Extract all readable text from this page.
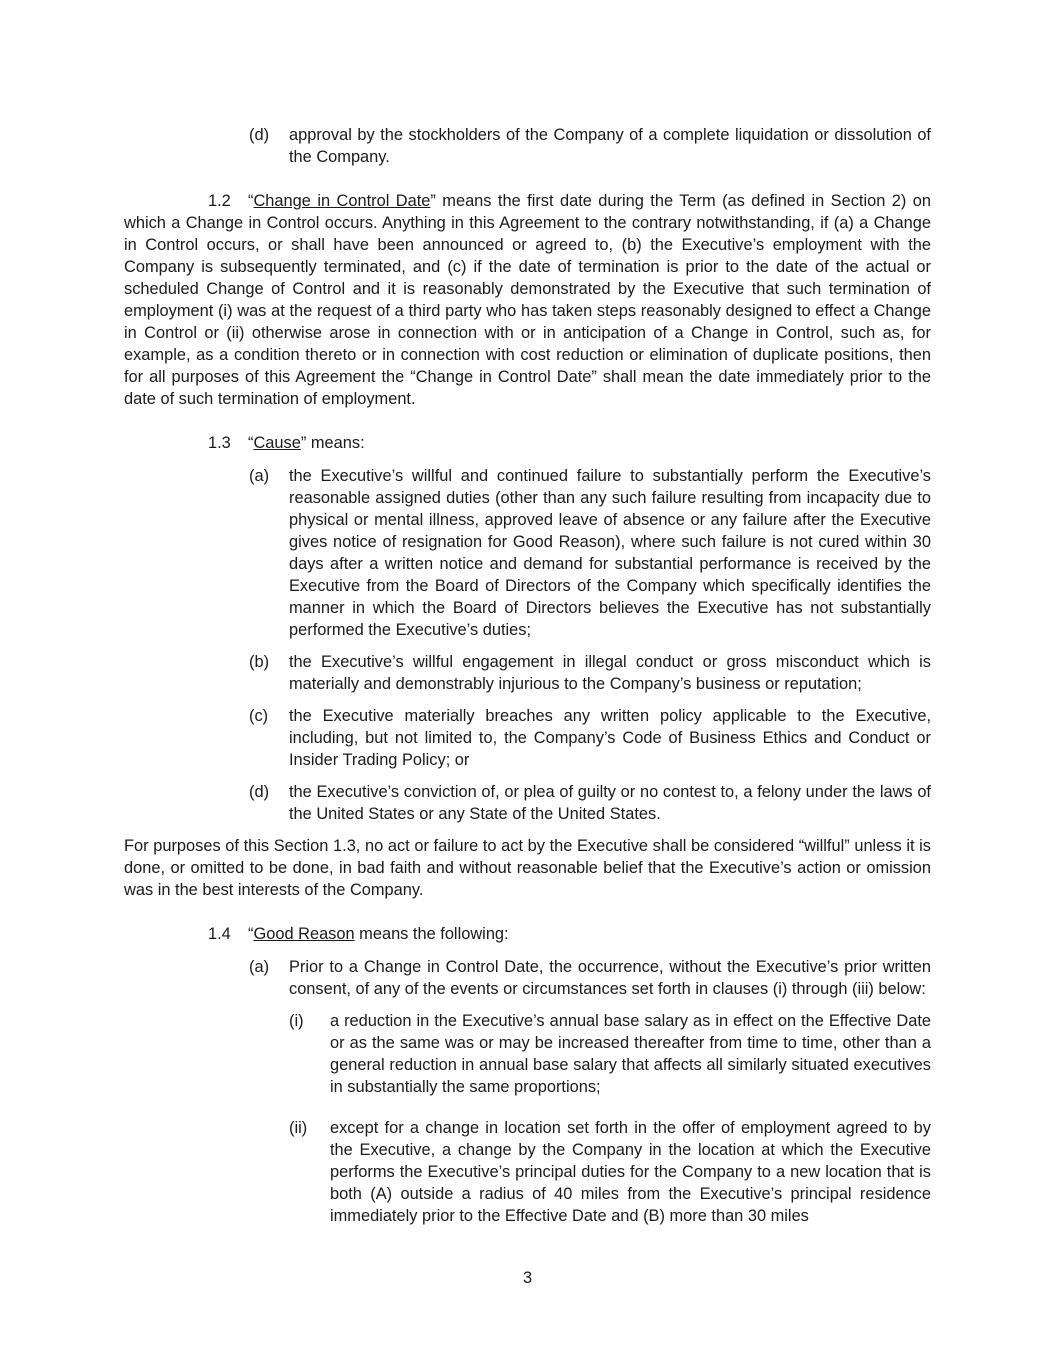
(d)	approval by the stockholders of the Company of a complete liquidation or dissolution of the Company.
1.2 “Change in Control Date” means the first date during the Term (as defined in Section 2) on which a Change in Control occurs. Anything in this Agreement to the contrary notwithstanding, if (a) a Change in Control occurs, or shall have been announced or agreed to, (b) the Executive’s employment with the Company is subsequently terminated, and (c) if the date of termination is prior to the date of the actual or scheduled Change of Control and it is reasonably demonstrated by the Executive that such termination of employment (i) was at the request of a third party who has taken steps reasonably designed to effect a Change in Control or (ii) otherwise arose in connection with or in anticipation of a Change in Control, such as, for example, as a condition thereto or in connection with cost reduction or elimination of duplicate positions, then for all purposes of this Agreement the “Change in Control Date” shall mean the date immediately prior to the date of such termination of employment.
1.3	“Cause” means:
(a)	the Executive’s willful and continued failure to substantially perform the Executive’s reasonable assigned duties (other than any such failure resulting from incapacity due to physical or mental illness, approved leave of absence or any failure after the Executive gives notice of resignation for Good Reason), where such failure is not cured within 30 days after a written notice and demand for substantial performance is received by the Executive from the Board of Directors of the Company which specifically identifies the manner in which the Board of Directors believes the Executive has not substantially performed the Executive’s duties;
(b)	the Executive’s willful engagement in illegal conduct or gross misconduct which is materially and demonstrably injurious to the Company’s business or reputation;
(c)	the Executive materially breaches any written policy applicable to the Executive, including, but not limited to, the Company’s Code of Business Ethics and Conduct or Insider Trading Policy; or
(d)	the Executive’s conviction of, or plea of guilty or no contest to, a felony under the laws of the United States or any State of the United States.
For purposes of this Section 1.3, no act or failure to act by the Executive shall be considered “willful” unless it is done, or omitted to be done, in bad faith and without reasonable belief that the Executive’s action or omission was in the best interests of the Company.
1.4	“Good Reason means the following:
(a)	Prior to a Change in Control Date, the occurrence, without the Executive’s prior written consent, of any of the events or circumstances set forth in clauses (i) through (iii) below:
(i)	a reduction in the Executive’s annual base salary as in effect on the Effective Date or as the same was or may be increased thereafter from time to time, other than a general reduction in annual base salary that affects all similarly situated executives in substantially the same proportions;
(ii)	except for a change in location set forth in the offer of employment agreed to by the Executive, a change by the Company in the location at which the Executive performs the Executive’s principal duties for the Company to a new location that is both (A) outside a radius of 40 miles from the Executive’s principal residence immediately prior to the Effective Date and (B) more than 30 miles
3
